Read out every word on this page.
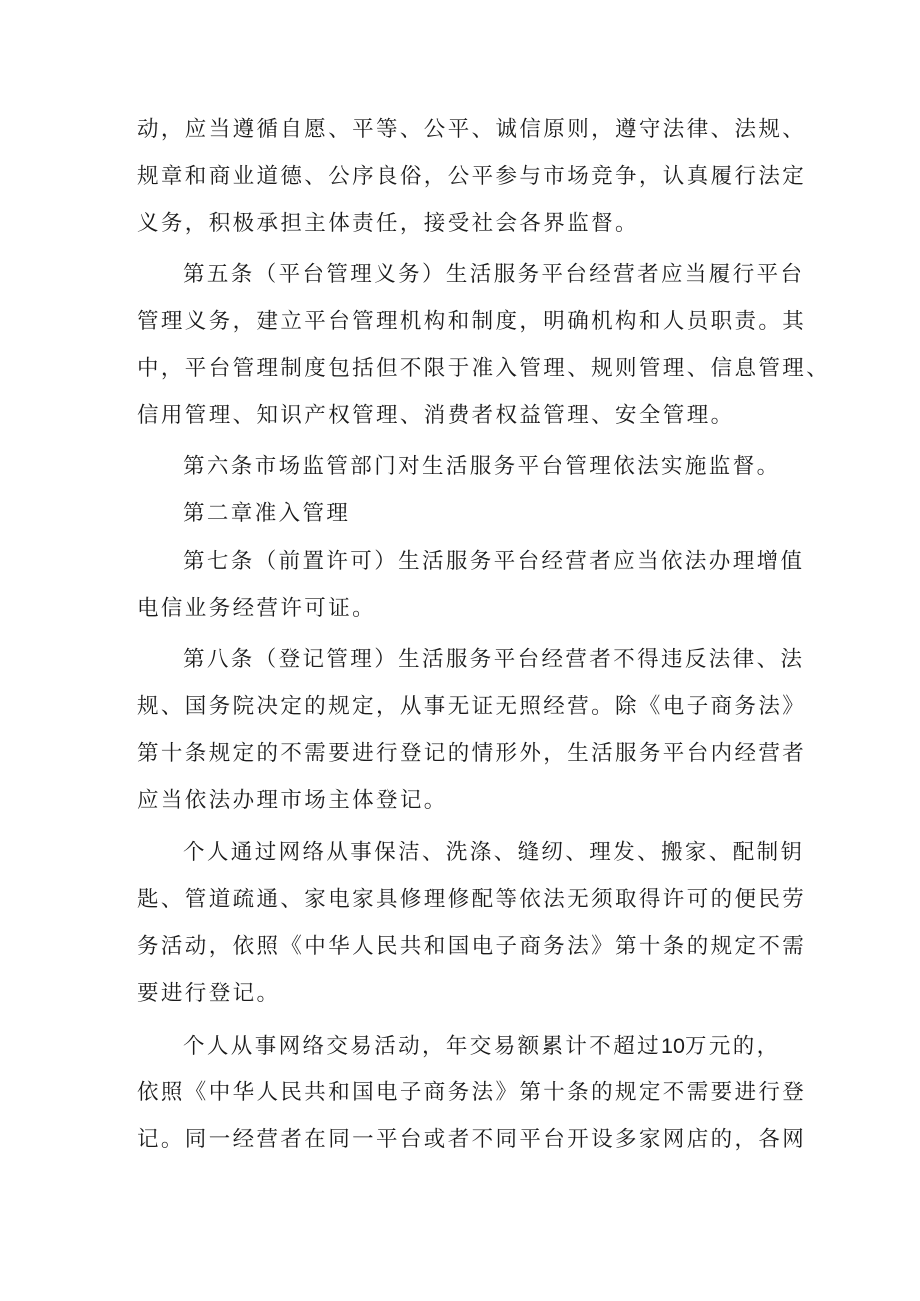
动，应当遵循自愿、平等、公平、诚信原则，遵守法律、法规、
规章和商业道德、公序良俗，公平参与市场竞争，认真履行法定
义务，积极承担主体责任，接受社会各界监督。
第五条（平台管理义务）生活服务平台经营者应当履行平台
管理义务，建立平台管理机构和制度，明确机构和人员职责。其
中，平台管理制度包括但不限于准入管理、规则管理、信息管理、
信用管理、知识产权管理、消费者权益管理、安全管理。
第六条市场监管部门对生活服务平台管理依法实施监督。
第二章准入管理
第七条（前置许可）生活服务平台经营者应当依法办理增值
电信业务经营许可证。
第八条（登记管理）生活服务平台经营者不得违反法律、法
规、国务院决定的规定，从事无证无照经营。除《电子商务法》
第十条规定的不需要进行登记的情形外，生活服务平台内经营者
应当依法办理市场主体登记。
个人通过网络从事保洁、洗涤、缝纫、理发、搬家、配制钥
匙、管道疏通、家电家具修理修配等依法无须取得许可的便民劳
务活动，依照《中华人民共和国电子商务法》第十条的规定不需
要进行登记。
个人从事网络交易活动，年交易额累计不超过10万元的，
依照《中华人民共和国电子商务法》第十条的规定不需要进行登
记。同一经营者在同一平台或者不同平台开设多家网店的，各网
